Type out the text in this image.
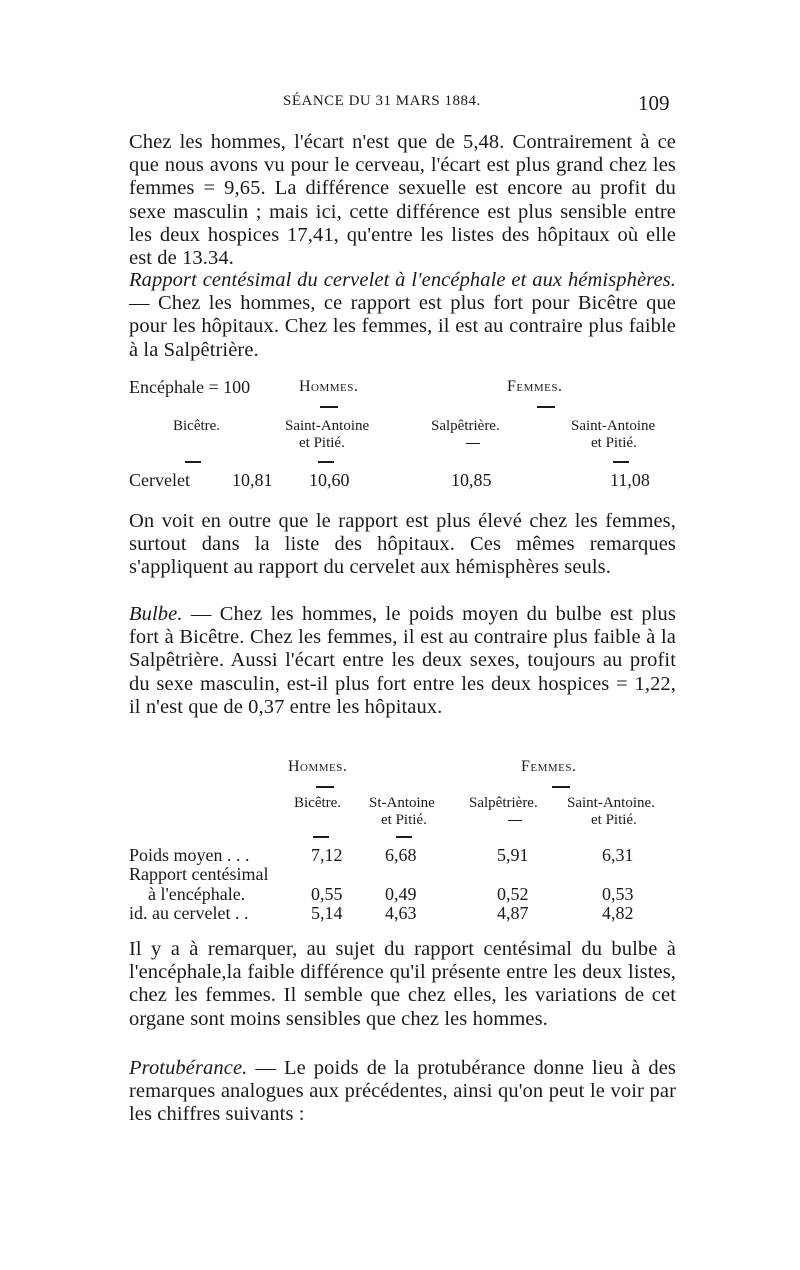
SÉANCE DU 31 MARS 1884.	109

Chez les hommes, l'écart n'est que de 5,48. Contrairement à ce que nous avons vu pour le cerveau, l'écart est plus grand chez les femmes = 9,65. La différence sexuelle est encore au profit du sexe masculin ; mais ici, cette différence est plus sensible entre les deux hospices 17,41, qu'entre les listes des hôpitaux où elle est de 13.34.

Rapport centésimal du cervelet à l'encéphale et aux hémisphères. — Chez les hommes, ce rapport est plus fort pour Bicêtre que pour les hôpitaux. Chez les femmes, il est au contraire plus faible à la Salpêtrière.

Encéphale = 100	Hommes.	Femmes.
Bicêtre.	Saint-Antoine
et Pitié.
Salpêtrière.	Saint-Antoine
et Pitié.
Cervelet 10,81 10,60	10,85	11,08

On voit en outre que le rapport est plus élevé chez les femmes, surtout dans la liste des hôpitaux. Ces mêmes remarques s'appliquent au rapport du cervelet aux hémisphères seuls.

Bulbe. — Chez les hommes, le poids moyen du bulbe est plus fort à Bicêtre. Chez les femmes, il est au contraire plus faible à la Salpêtrière. Aussi l'écart entre les deux sexes, toujours au profit du sexe masculin, est-il plus fort entre les deux hospices = 1,22, il n'est que de 0,37 entre les hôpitaux.

Hommes.	Femmes.
Bicêtre. St-Antoine
et Pitié.
Salpêtrière. Saint-Antoine.
et Pitié.
Poids moyen . . .	7,12 6,68	5,91	6,31
Rapport centésimal
à l'encéphale.	0,55 0,49	0,52	0,53
id. au cervelet . .	5,14 4,63	4,87	4,82

Il y a à remarquer, au sujet du rapport centésimal du bulbe à l'encéphale,la faible différence qu'il présente entre les deux listes, chez les femmes. Il semble que chez elles, les variations de cet organe sont moins sensibles que chez les hommes.

Protubérance. — Le poids de la protubérance donne lieu à des remarques analogues aux précédentes, ainsi qu'on peut le voir par les chiffres suivants :
